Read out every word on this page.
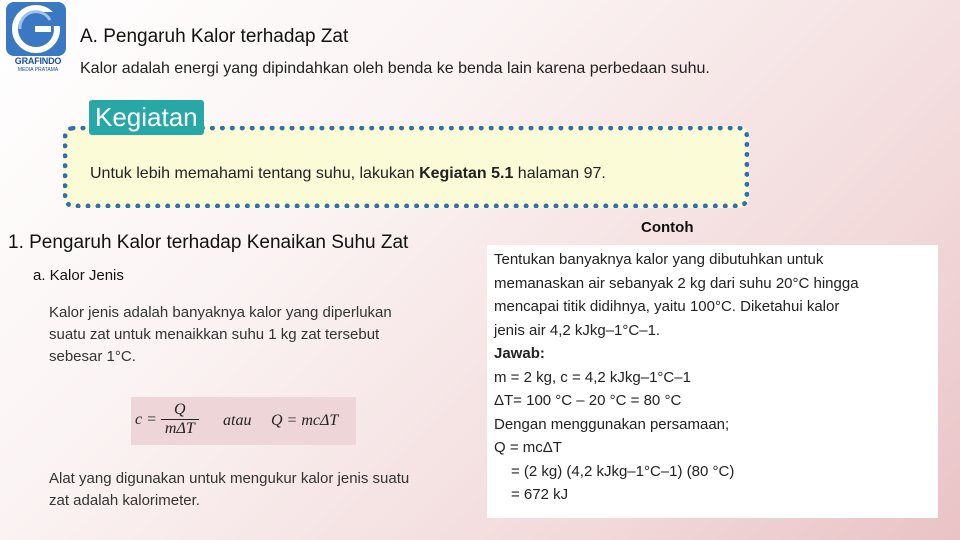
GRAFINDO
MEDIA PRATAMA
A. Pengaruh Kalor terhadap Zat
Kalor adalah energi yang dipindahkan oleh benda ke benda lain karena perbedaan suhu.
Kegiatan
Untuk lebih memahami tentang suhu, lakukan Kegiatan 5.1 halaman 97.
1. Pengaruh Kalor terhadap Kenaikan Suhu Zat
a. Kalor Jenis
Kalor jenis adalah banyaknya kalor yang diperlukan suatu zat untuk menaikkan suhu 1 kg zat tersebut sebesar 1°C.
$c = \frac{Q}{\text{mΔT}}$ atau Q = mcΔT
Alat yang digunakan untuk mengukur kalor jenis suatu zat adalah kalorimeter.
Contoh
Tentukan banyaknya kalor yang dibutuhkan untuk
memanaskan air sebanyak 2 kg dari suhu 20°C hingga
mencapai titik didihnya, yaitu 100°C. Diketahui kalor
jenis air 4,2 kJkg–1°C–1.
Jawab:
m = 2 kg, c = 4,2 kJkg–1°C–1
ΔT= 100 °C – 20 °C = 80 °C
Dengan menggunakan persamaan;
Q = mcΔT
= (2 kg) (4,2 kJkg–1°C–1) (80 °C)
= 672 kJ
